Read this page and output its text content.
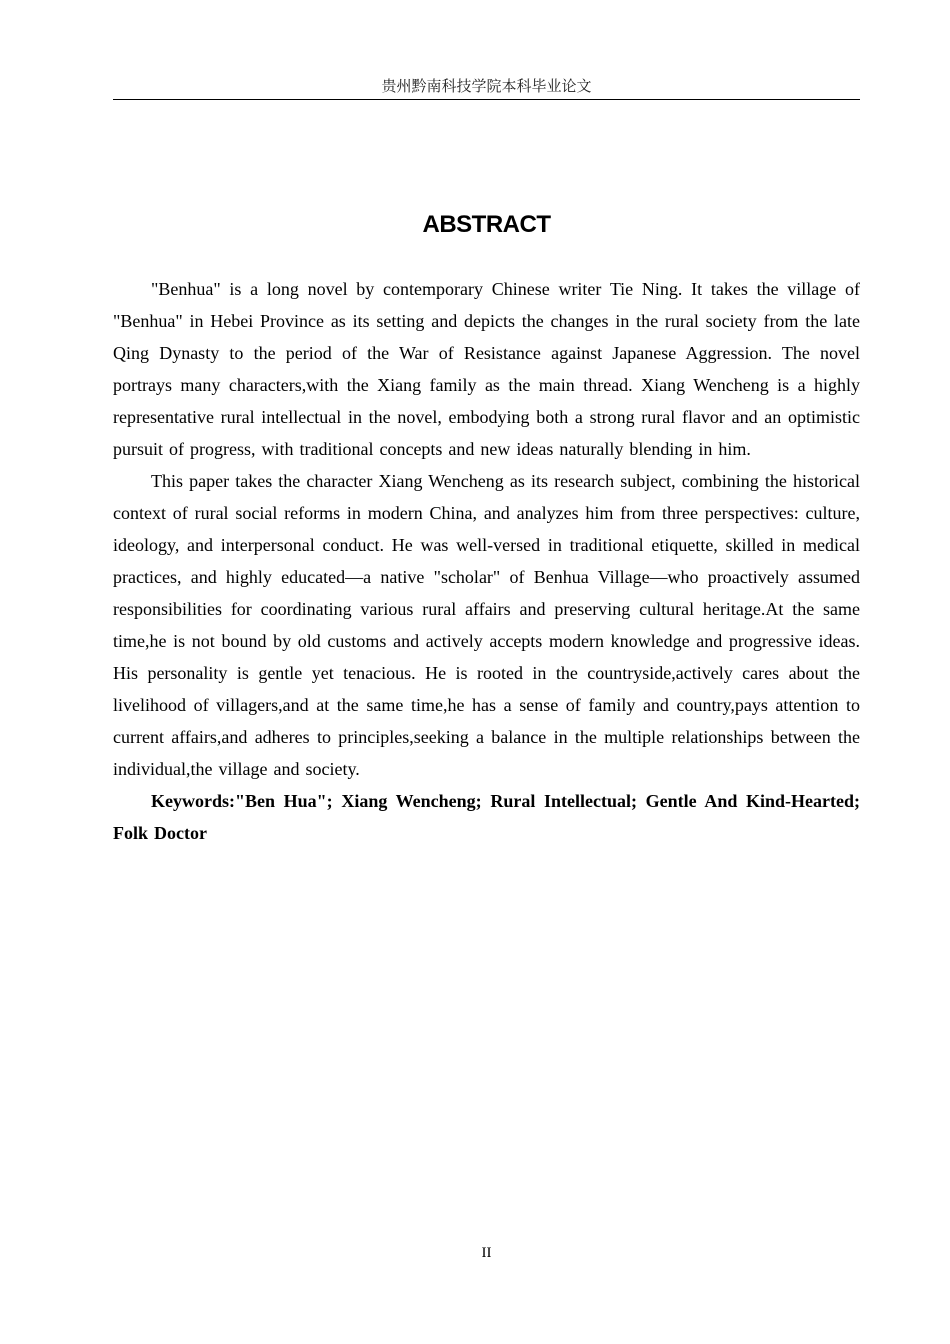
贵州黔南科技学院本科毕业论文
ABSTRACT

"Benhua" is a long novel by contemporary Chinese writer Tie Ning. It takes the village of "Benhua" in Hebei Province as its setting and depicts the changes in the rural society from the late Qing Dynasty to the period of the War of Resistance against Japanese Aggression. The novel portrays many characters,with the Xiang family as the main thread. Xiang Wencheng is a highly representative rural intellectual in the novel, embodying both a strong rural flavor and an optimistic pursuit of progress, with traditional concepts and new ideas naturally blending in him.

This paper takes the character Xiang Wencheng as its research subject, combining the historical context of rural social reforms in modern China, and analyzes him from three perspectives: culture, ideology, and interpersonal conduct. He was well-versed in traditional etiquette, skilled in medical practices, and highly educated—a native "scholar" of Benhua Village—who proactively assumed responsibilities for coordinating various rural affairs and preserving cultural heritage.At the same time,he is not bound by old customs and actively accepts modern knowledge and progressive ideas. His personality is gentle yet tenacious. He is rooted in the countryside,actively cares about the livelihood of villagers,and at the same time,he has a sense of family and country,pays attention to current affairs,and adheres to principles,seeking a balance in the multiple relationships between the individual,the village and society.

Keywords:"Ben Hua"; Xiang Wencheng; Rural Intellectual; Gentle And Kind-Hearted; Folk Doctor

II
